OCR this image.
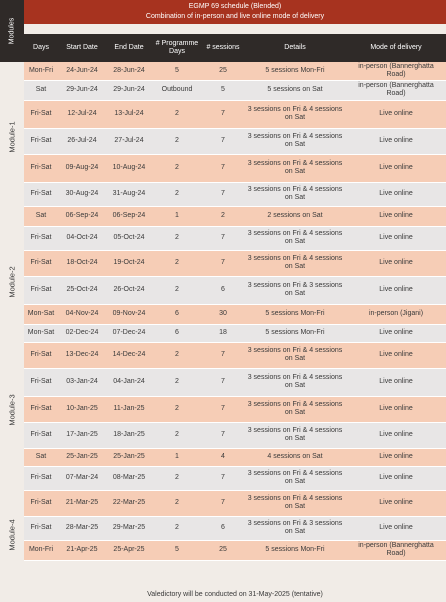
EGMP 69 schedule (Blended)
Combination of in-person and live online mode of delivery
Modules
Module-1
Module-2
Module-3
Module-4
Days	Start Date	End Date	# Programme Days	# sessions	Details	Mode of delivery
Mon-Fri	24-Jun-24	28-Jun-24	5	25	5 sessions Mon-Fri	in-person (Bannerghatta Road)
Sat	29-Jun-24	29-Jun-24	Outbound	5	5 sessions on Sat	in-person (Bannerghatta Road)
Fri-Sat	12-Jul-24	13-Jul-24	2	7	3 sessions on Fri & 4 sessions on Sat	Live online
Fri-Sat	26-Jul-24	27-Jul-24	2	7	3 sessions on Fri & 4 sessions on Sat	Live online
Fri-Sat	09-Aug-24	10-Aug-24	2	7	3 sessions on Fri & 4 sessions on Sat	Live online
Fri-Sat	30-Aug-24	31-Aug-24	2	7	3 sessions on Fri & 4 sessions on Sat	Live online
Sat	06-Sep-24	06-Sep-24	1	2	2 sessions on Sat	Live online
Fri-Sat	04-Oct-24	05-Oct-24	2	7	3 sessions on Fri & 4 sessions on Sat	Live online
Fri-Sat	18-Oct-24	19-Oct-24	2	7	3 sessions on Fri & 4 sessions on Sat	Live online
Fri-Sat	25-Oct-24	26-Oct-24	2	6	3 sessions on Fri & 3 sessions on Sat	Live online
Mon-Sat	04-Nov-24	09-Nov-24	6	30	5 sessions Mon-Fri	in-person (Jigani)
Mon-Sat	02-Dec-24	07-Dec-24	6	18	5 sessions Mon-Fri	Live online
Fri-Sat	13-Dec-24	14-Dec-24	2	7	3 sessions on Fri & 4 sessions on Sat	Live online
Fri-Sat	03-Jan-24	04-Jan-24	2	7	3 sessions on Fri & 4 sessions on Sat	Live online
Fri-Sat	10-Jan-25	11-Jan-25	2	7	3 sessions on Fri & 4 sessions on Sat	Live online
Fri-Sat	17-Jan-25	18-Jan-25	2	7	3 sessions on Fri & 4 sessions on Sat	Live online
Sat	25-Jan-25	25-Jan-25	1	4	4 sessions on Sat	Live online
Fri-Sat	07-Mar-24	08-Mar-25	2	7	3 sessions on Fri & 4 sessions on Sat	Live online
Fri-Sat	21-Mar-25	22-Mar-25	2	7	3 sessions on Fri & 4 sessions on Sat	Live online
Fri-Sat	28-Mar-25	29-Mar-25	2	6	3 sessions on Fri & 3 sessions on Sat	Live online
Mon-Fri	21-Apr-25	25-Apr-25	5	25	5 sessions Mon-Fri	in-person (Bannerghatta Road)
Valedictory will be conducted on 31-May-2025 (tentative)
